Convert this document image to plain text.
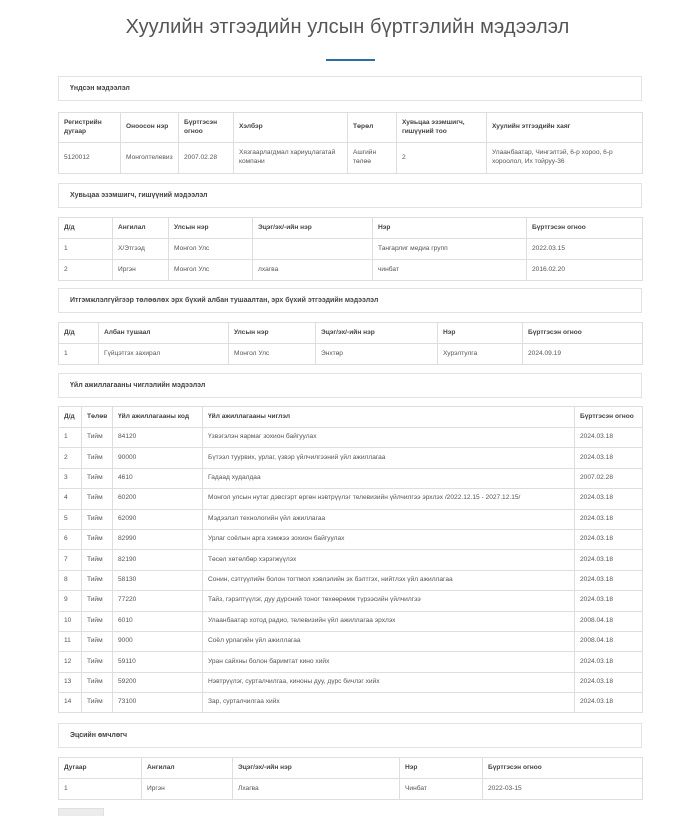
Хуулийн этгээдийн улсын бүртгэлийн мэдээлэл
Үндсэн мэдээлэл
Регистрийн дугаар	Оноосон нэр	Бүртгэсэн огноо	Хэлбэр	Төрөл	Хувьцаа эзэмшигч, гишүүний тоо	Хуулийн этгээдийн хаяг
5120012	Монголтелевиз	2007.02.28	Хязгаарлагдмал хариуцлагатай компани	Ашгийн төлөө	2	Улаанбаатар, Чингэлтэй, 6-р хороо, 6-р хороолол, Их тойруу-36
Хувьцаа эзэмшигч, гишүүний мэдээлэл
Д/д	Ангилал	Улсын нэр	Эцэг/эх/-ийн нэр	Нэр	Бүртгэсэн огноо
1	Х/Этгээд	Монгол Улс		Тангарлиг медиа групп	2022.03.15
2	Иргэн	Монгол Улс	лхагва	чинбат	2016.02.20
Итгэмжлэлгүйгээр төлөөлөх эрх бүхий албан тушаалтан, эрх бүхий этгээдийн мэдээлэл
Д/д	Албан тушаал	Улсын нэр	Эцэг/эх/-ийн нэр	Нэр	Бүртгэсэн огноо
1	Гүйцэтгэх захирал	Монгол Улс	Энхтөр	Хурэлтулга	2024.09.19
Үйл ажиллагааны чиглэлийн мэдээлэл
Д/д	Төлөв	Үйл ажиллагааны код	Үйл ажиллагааны чиглэл	Бүртгэсэн огноо
1	Тийм	84120	Үзвэгэлэн яармаг зохион байгуулах	2024.03.18
2	Тийм	90000	Бүтээл туурвих, урлаг, үзвэр үйлчилгээний үйл ажиллагаа	2024.03.18
3	Тийм	4610	Гадаад худалдаа	2007.02.28
4	Тийм	60200	Монгол улсын нутаг дэвсгэрт өргөн нэвтрүүлэг телевизийн үйлчилгээ эрхлэх /2022.12.15 - 2027.12.15/	2024.03.18
5	Тийм	62090	Мэдээлэл технологийн үйл ажиллагаа	2024.03.18
6	Тийм	82990	Урлаг соёлын арга хэмжээ зохион байгуулах	2024.03.18
7	Тийм	82190	Төсөл хөтөлбөр хэрэгжүүлэх	2024.03.18
8	Тийм	58130	Сонин, сэтгүүлийн болон тогтмол хэвлэлийн эх бэлтгэх, нийтлэх үйл ажиллагаа	2024.03.18
9	Тийм	77220	Тайз, гэрэлтүүлэг, дуу дүрсний тоног төхөөрөмж түрээсийн үйлчилгээ	2024.03.18
10	Тийм	6010	Улаанбаатар хотод радио, телевизийн үйл ажиллагаа эрхлэх	2008.04.18
11	Тийм	9000	Соёл урлагийн үйл ажиллагаа	2008.04.18
12	Тийм	59110	Уран сайхны болон баримтат кино хийх	2024.03.18
13	Тийм	59200	Нэвтрүүлэг, сурталчилгаа, киноны дуу, дүрс бичлэг хийх	2024.03.18
14	Тийм	73100	Зар, сурталчилгаа хийх	2024.03.18
Эцсийн өмчлөгч
Дугаар	Ангилал	Эцэг/эх/-ийн нэр	Нэр	Бүртгэсэн огноо
1	Иргэн	Лхагва	Чинбат	2022-03-15
